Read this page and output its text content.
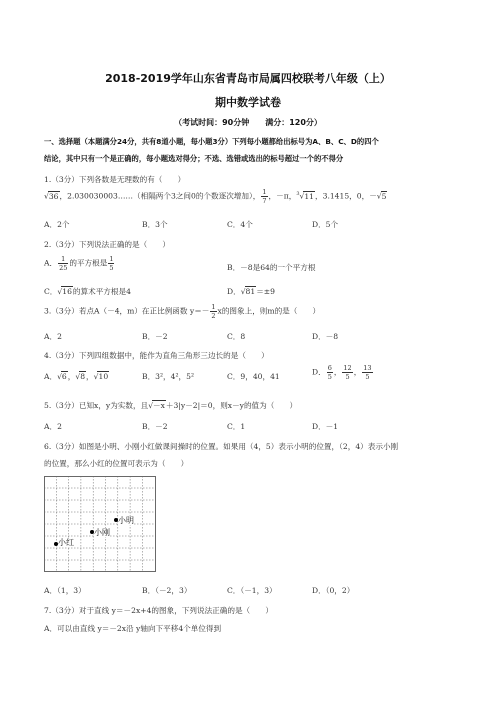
2018-2019学年山东省青岛市局属四校联考八年级（上）
期中数学试卷
（考试时间：90分钟　　满分：120分）
一、选择题（本题满分24分，共有8道小题，每小题3分）下列每小题都给出标号为A、B、C、D的四个
结论，其中只有一个是正确的，每小题选对得分；不选、选错或选出的标号超过一个的不得分
1.（3分）下列各数是无理数的有（　　）
√36，2.030030003……（相隔两个3之间0的个数逐次增加）， $\frac{1}{7}$ ，－π，$^3$√11，3.1415，0，－√5
A．2个	B．3个	C．4个	D．5个
2.（3分）下列说法正确的是（　　）
A． $\frac{1}{25}$ 的平方根是 $\frac{1}{5}$	B．－8是64的一个平方根
C．√16的算术平方根是4	D．√81＝±9
3.（3分）若点A（－4，m）在正比例函数 $y=- \frac{1}{2}$ x的图象上，则m的是（　　）
A．2	B．－2	C．8	D．－8
4.（3分）下列四组数据中，能作为直角三角形三边长的是（　　）
A．√6，√8，√10	B．3²，4²，5²	C．9，40，41	D． $\frac{6}{5}$ ， $\frac{12}{5}$ ， $\frac{13}{5}$
5.（3分）已知x，y为实数，且√－x＋3|y－2|＝0，则x－y的值为（　　）
A．2	B．－2	C．1	D．－1
6.（3分）如图是小明、小刚小红做课间操时的位置。如果用（4，5）表示小明的位置，（2，4）表示小刚
的位置，那么小红的位置可表示为（　　）
小明
小刚
小红
A．（1，3）	B．（－2，3）	C．（－1，3）	D．（0，2）
7.（3分）对于直线 y＝－2x+4的图象，下列说法正确的是（　　）
A．可以由直线 y＝－2x沿 y轴向下平移4个单位得到
